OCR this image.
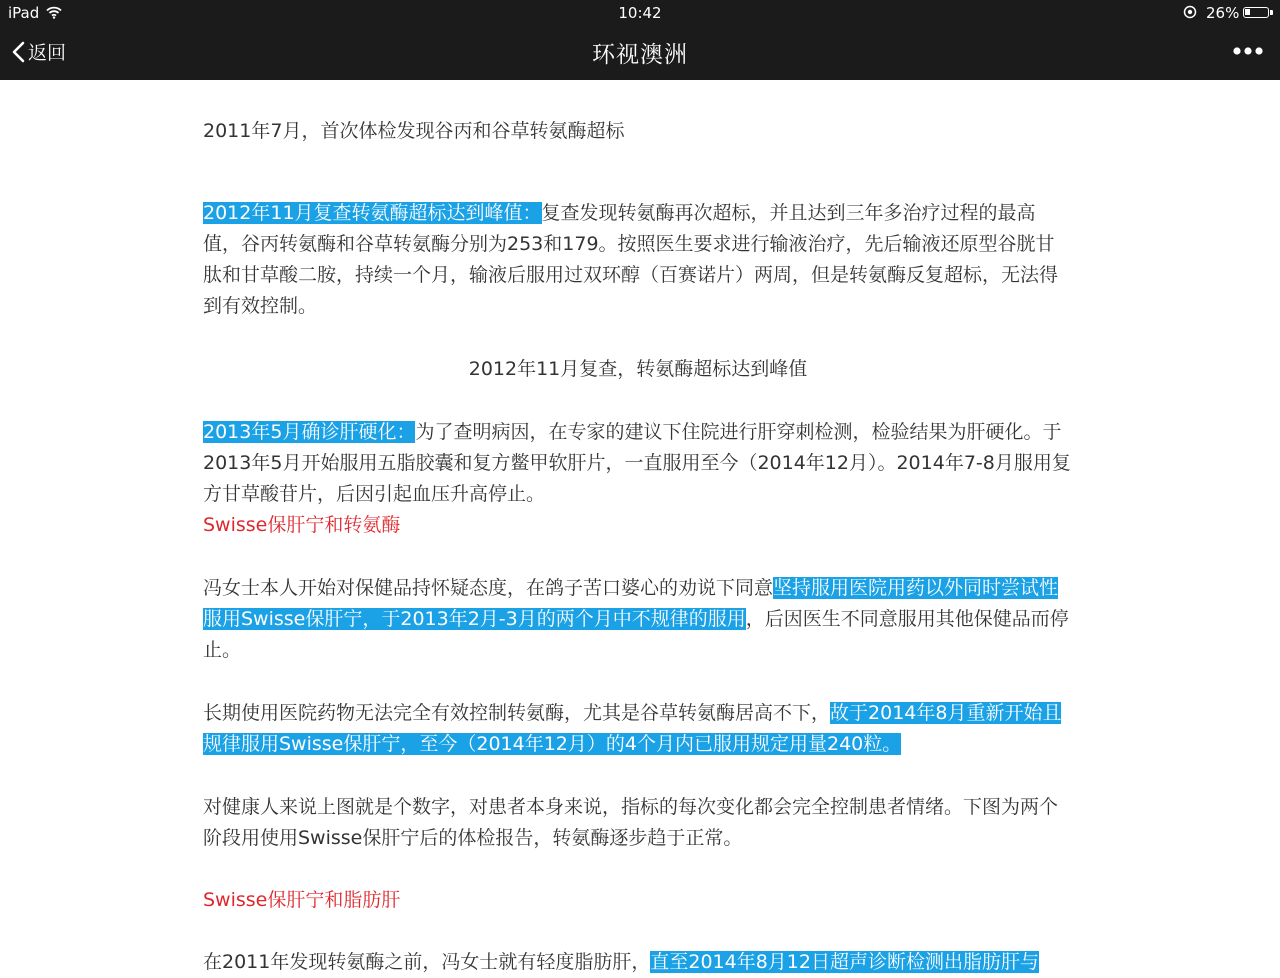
iPad	10:42	26%
返回	环视澳洲

2011年7月，首次体检发现谷丙和谷草转氨酶超标

2012年11月复查转氨酶超标达到峰值：复查发现转氨酶再次超标，并且达到三年多治疗过程的最高值，谷丙转氨酶和谷草转氨酶分别为253和179。按照医生要求进行输液治疗，先后输液还原型谷胱甘肽和甘草酸二胺，持续一个月，输液后服用过双环醇（百赛诺片）两周，但是转氨酶反复超标，无法得到有效控制。

2012年11月复查，转氨酶超标达到峰值

2013年5月确诊肝硬化：为了查明病因，在专家的建议下住院进行肝穿刺检测，检验结果为肝硬化。于2013年5月开始服用五脂胶囊和复方鳖甲软肝片，一直服用至今（2014年12月）。2014年7-8月服用复方甘草酸苷片，后因引起血压升高停止。

Swisse保肝宁和转氨酶

冯女士本人开始对保健品持怀疑态度，在鸽子苦口婆心的劝说下同意坚持服用医院用药以外同时尝试性服用Swisse保肝宁，于2013年2月-3月的两个月中不规律的服用，后因医生不同意服用其他保健品而停止。

长期使用医院药物无法完全有效控制转氨酶，尤其是谷草转氨酶居高不下，故于2014年8月重新开始且规律服用Swisse保肝宁，至今（2014年12月）的4个月内已服用规定用量240粒。

对健康人来说上图就是个数字，对患者本身来说，指标的每次变化都会完全控制患者情绪。下图为两个阶段用使用Swisse保肝宁后的体检报告，转氨酶逐步趋于正常。

Swisse保肝宁和脂肪肝

在2011年发现转氨酶之前，冯女士就有轻度脂肪肝，直至2014年8月12日超声诊断检测出脂肪肝与
